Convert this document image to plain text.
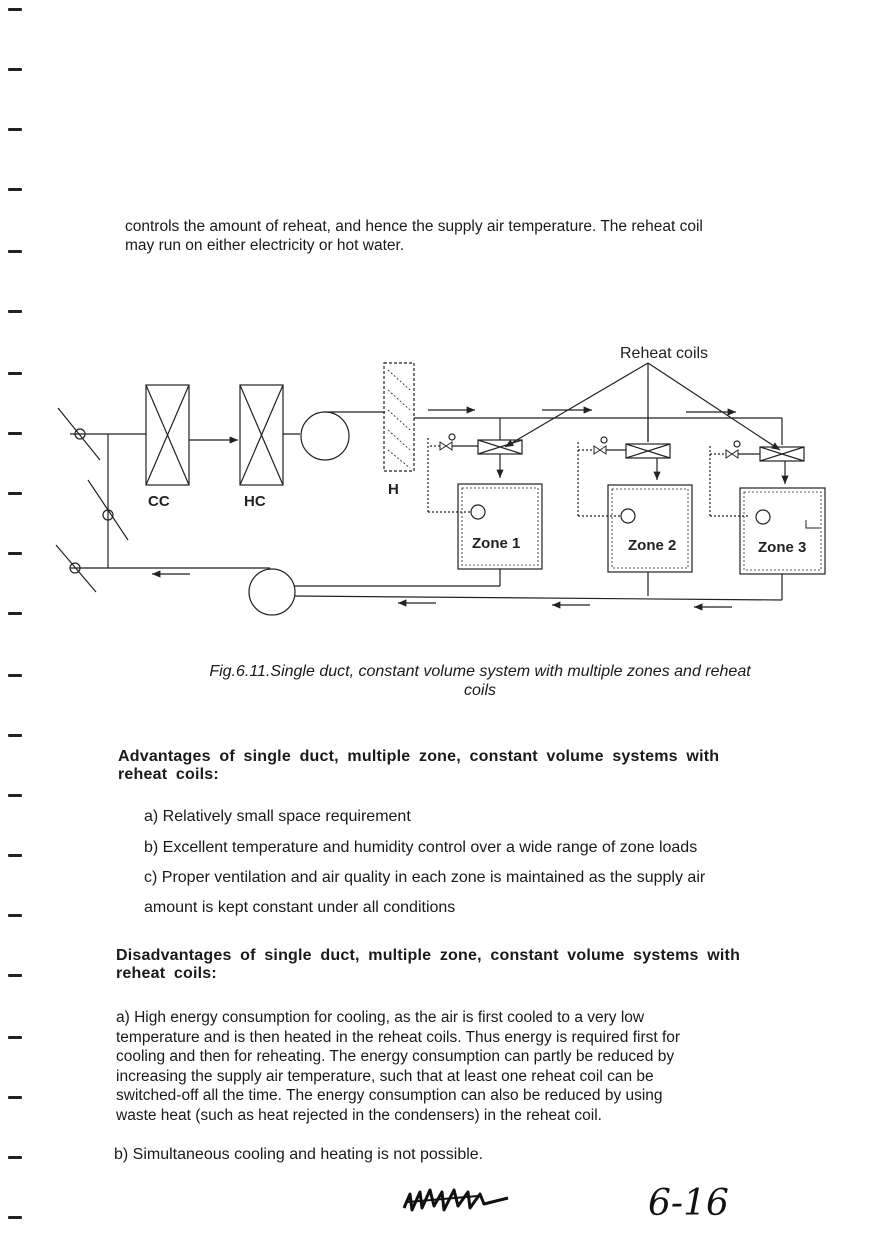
controls the amount of reheat, and hence the supply air temperature. The reheat coil
may run on either electricity or hot water.
Reheat coils
CC	HC
H
Zone 1	Zone 2	Zone 3
Fig.6.11.Single duct, constant volume system with multiple zones and reheat
coils
Advantages of single duct, multiple zone, constant volume systems with
reheat coils:
a) Relatively small space requirement
b) Excellent temperature and humidity control over a wide range of zone loads
c) Proper ventilation and air quality in each zone is maintained as the supply air
amount is kept constant under all conditions
Disadvantages of single duct, multiple zone, constant volume systems with
reheat coils:
a) High energy consumption for cooling, as the air is first cooled to a very low
temperature and is then heated in the reheat coils. Thus energy is required first for
cooling and then for reheating. The energy consumption can partly be reduced by
increasing the supply air temperature, such that at least one reheat coil can be
switched-off all the time. The energy consumption can also be reduced by using
waste heat (such as heat rejected in the condensers) in the reheat coil.
b) Simultaneous cooling and heating is not possible.
6-16
